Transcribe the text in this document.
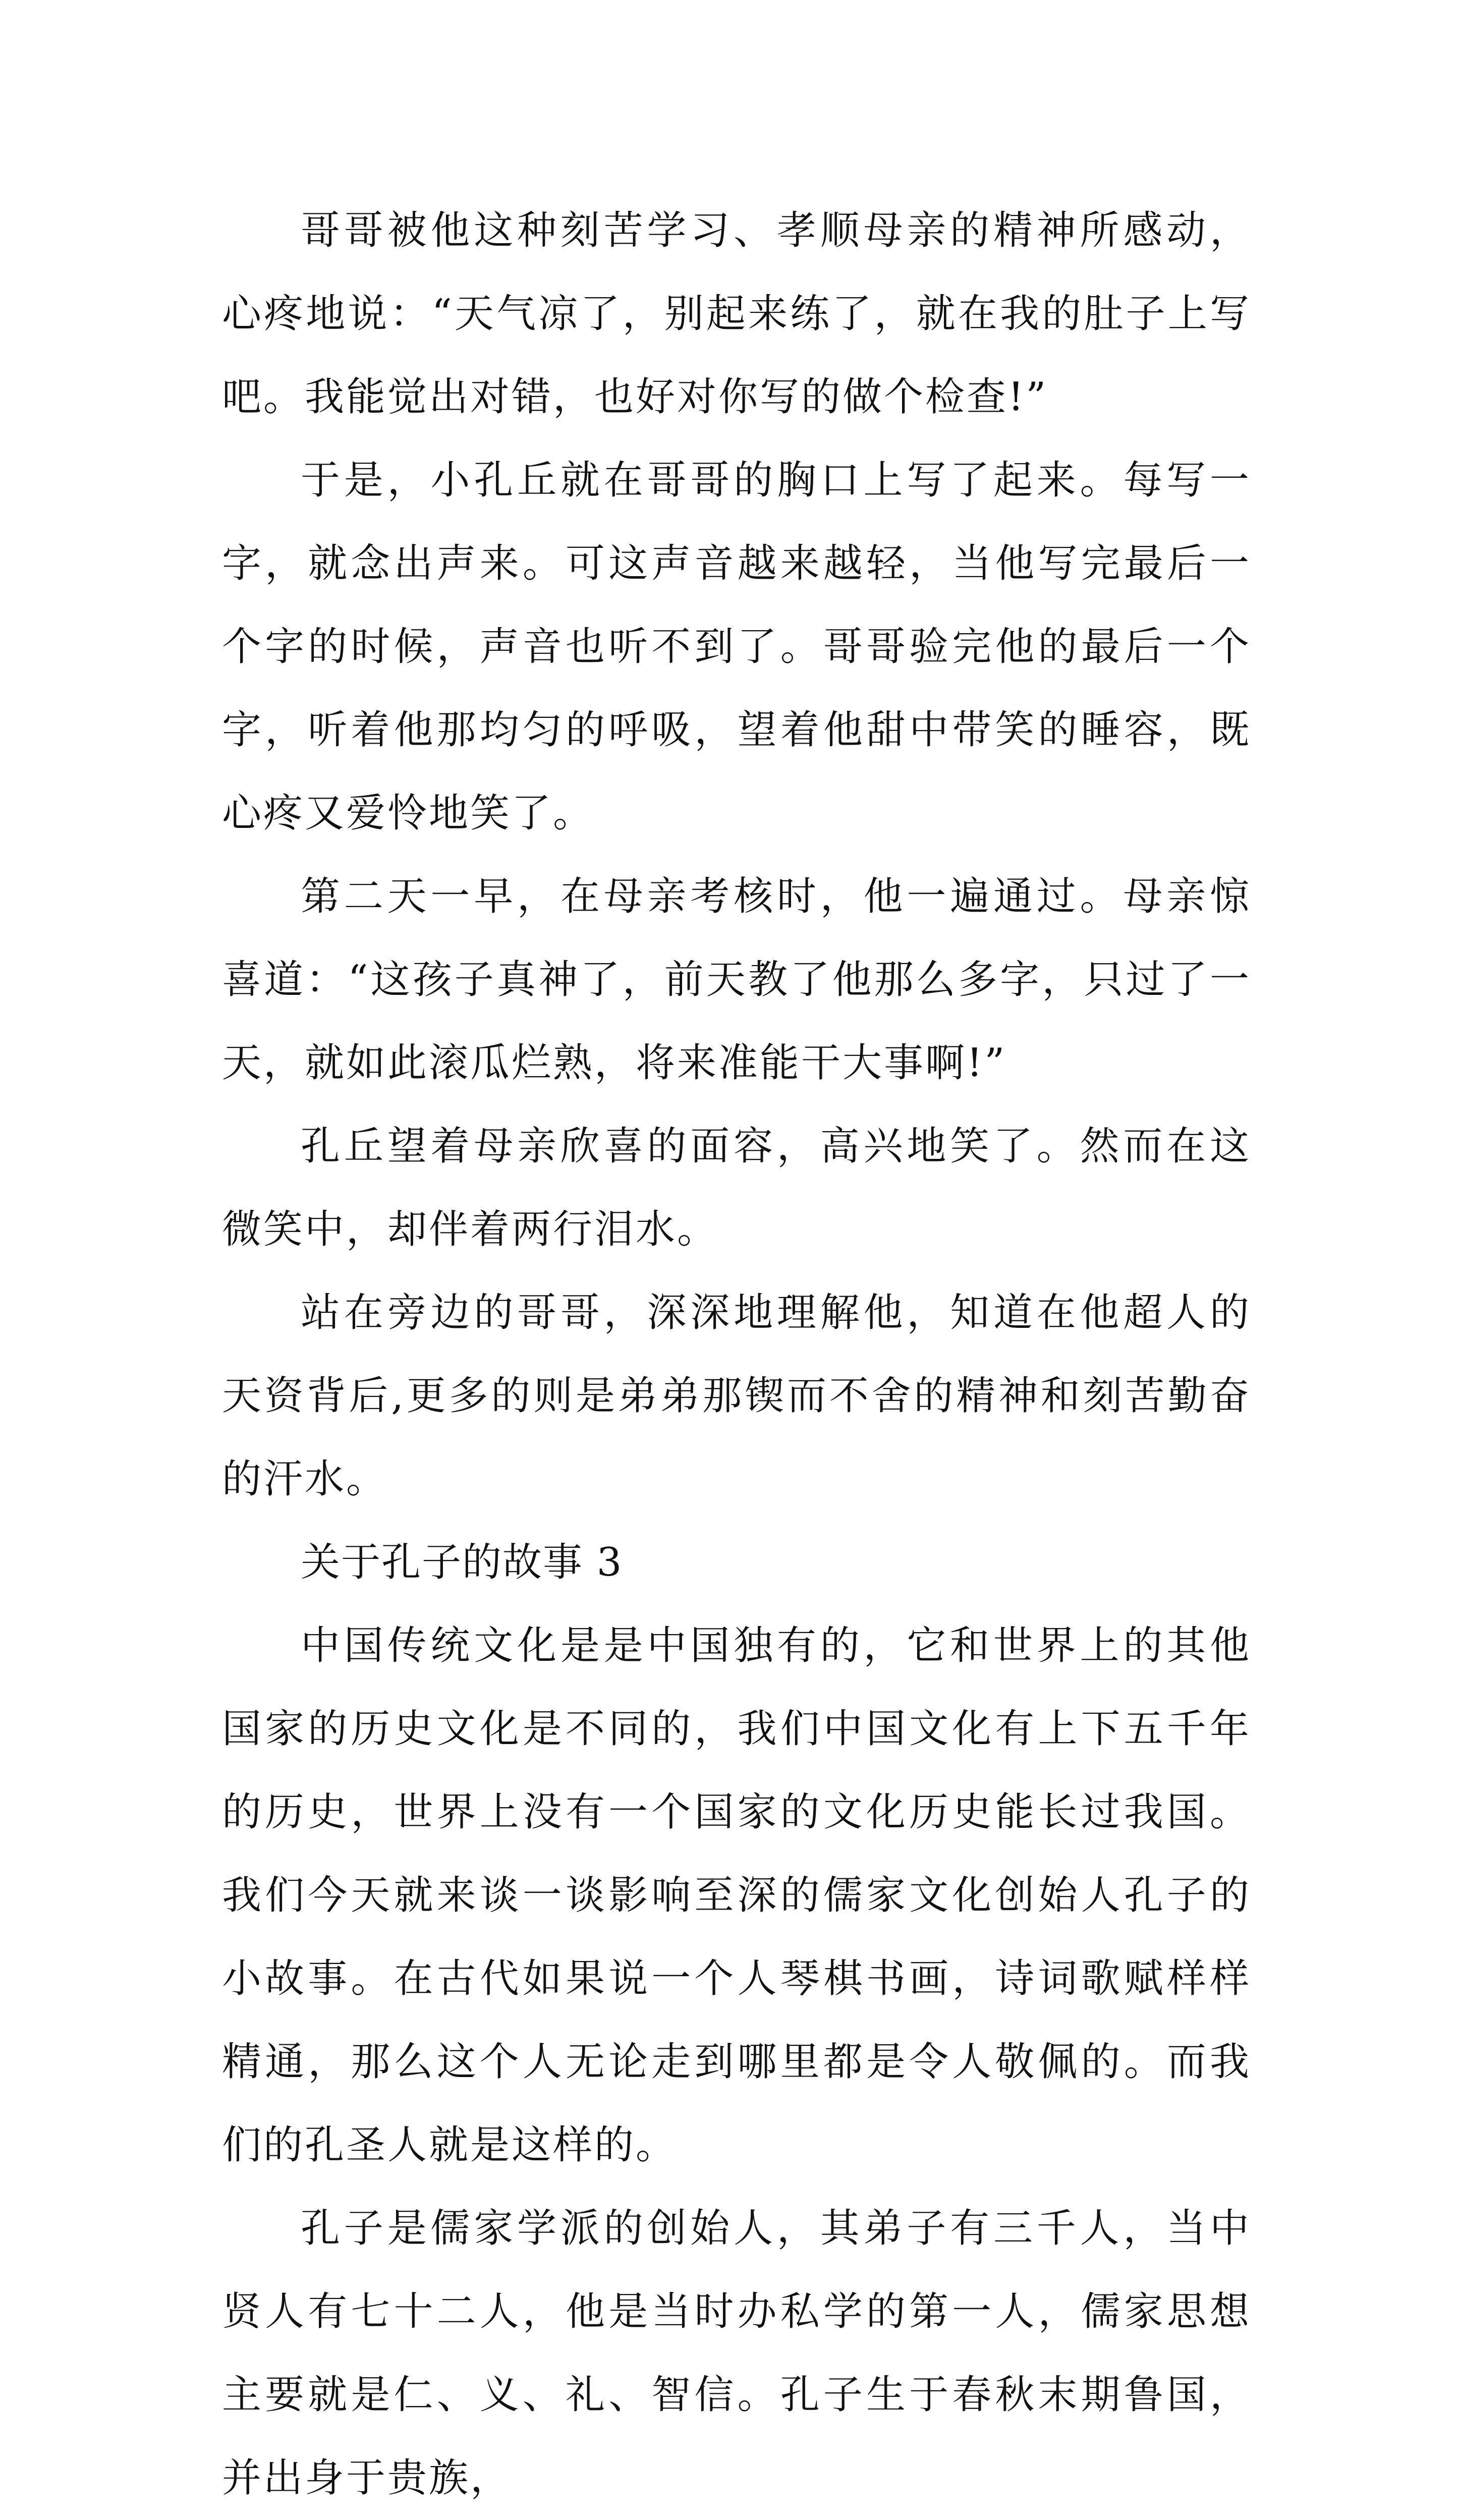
哥哥被他这种刻苦学习、孝顺母亲的精神所感动，心疼地说：“天气凉了，别起来练了，就在我的肚子上写吧。我能觉出对错，也好对你写的做个检查!”

于是，小孔丘就在哥哥的胸口上写了起来。每写一字，就念出声来。可这声音越来越轻，当他写完最后一个字的时候，声音也听不到了。哥哥验完他的最后一个字，听着他那均匀的呼吸，望着他甜中带笑的睡容，既心疼又爱怜地笑了。

第二天一早，在母亲考核时，他一遍通过。母亲惊喜道：“这孩子真神了，前天教了他那么多字，只过了一天，就如此滚瓜烂熟，将来准能干大事啊!”

孔丘望着母亲欣喜的面容，高兴地笑了。然而在这微笑中，却伴着两行泪水。

站在旁边的哥哥，深深地理解他，知道在他超人的天资背后,更多的则是弟弟那锲而不舍的精神和刻苦勤奋的汗水。

关于孔子的故事 3

中国传统文化是是中国独有的，它和世界上的其他国家的历史文化是不同的，我们中国文化有上下五千年的历史，世界上没有一个国家的文化历史能长过我国。我们今天就来谈一谈影响至深的儒家文化创始人孔子的小故事。在古代如果说一个人琴棋书画，诗词歌赋样样精通，那么这个人无论走到哪里都是令人敬佩的。而我们的孔圣人就是这样的。

孔子是儒家学派的创始人，其弟子有三千人，当中贤人有七十二人，他是当时办私学的第一人，儒家思想主要就是仁、义、礼、智信。孔子生于春秋末期鲁国，并出身于贵族，
